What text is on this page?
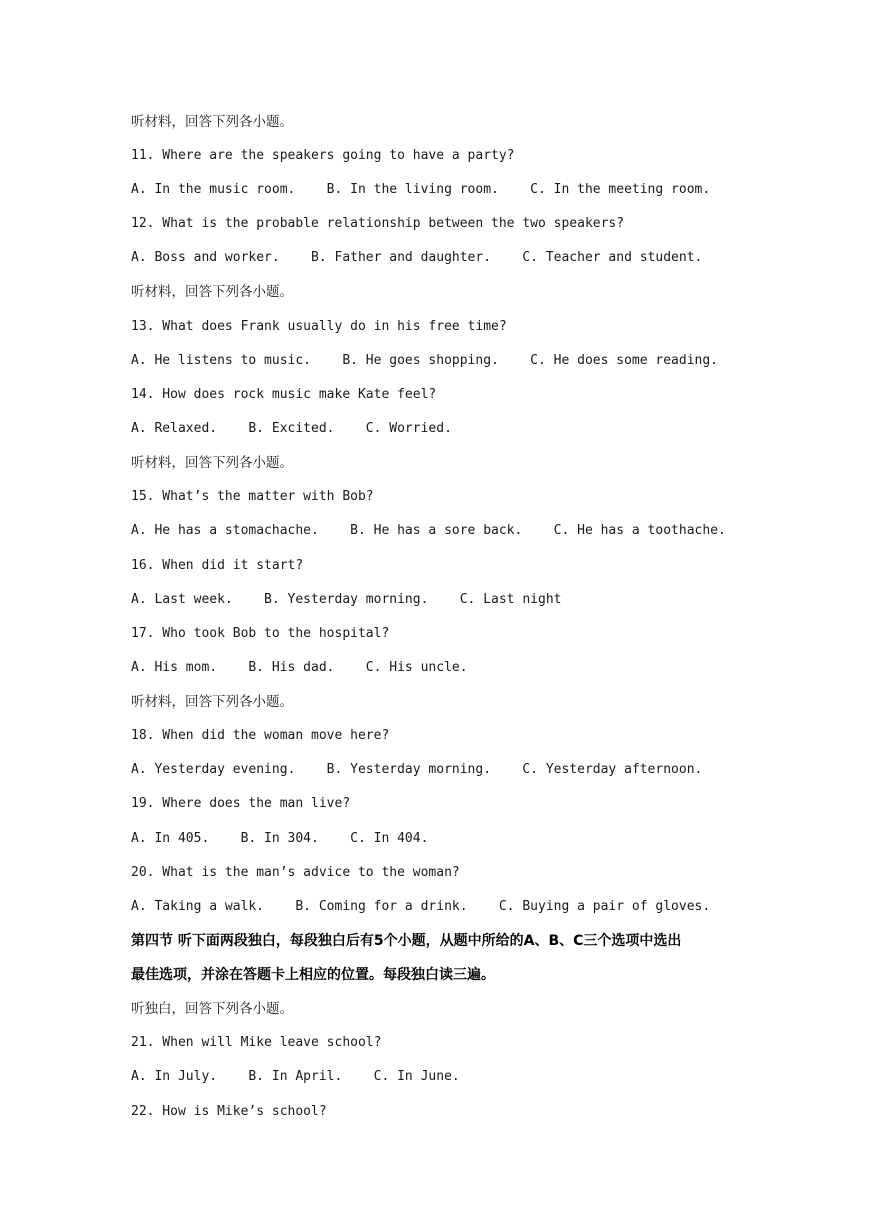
听材料，回答下列各小题。
11. Where are the speakers going to have a party?
A. In the music room.    B. In the living room.    C. In the meeting room.
12. What is the probable relationship between the two speakers?
A. Boss and worker.    B. Father and daughter.    C. Teacher and student.
听材料，回答下列各小题。
13. What does Frank usually do in his free time?
A. He listens to music.    B. He goes shopping.    C. He does some reading.
14. How does rock music make Kate feel?
A. Relaxed.    B. Excited.    C. Worried.
听材料，回答下列各小题。
15. What’s the matter with Bob?
A. He has a stomachache.    B. He has a sore back.    C. He has a toothache.
16. When did it start?
A. Last week.    B. Yesterday morning.    C. Last night
17. Who took Bob to the hospital?
A. His mom.    B. His dad.    C. His uncle.
听材料，回答下列各小题。
18. When did the woman move here?
A. Yesterday evening.    B. Yesterday morning.    C. Yesterday afternoon.
19. Where does the man live?
A. In 405.    B. In 304.    C. In 404.
20. What is the man’s advice to the woman?
A. Taking a walk.    B. Coming for a drink.    C. Buying a pair of gloves.
第四节 听下面两段独白，每段独白后有5个小题，从题中所给的A、B、C三个选项中选出
最佳选项，并涂在答题卡上相应的位置。每段独白读三遍。
听独白，回答下列各小题。
21. When will Mike leave school?
A. In July.    B. In April.    C. In June.
22. How is Mike’s school?
